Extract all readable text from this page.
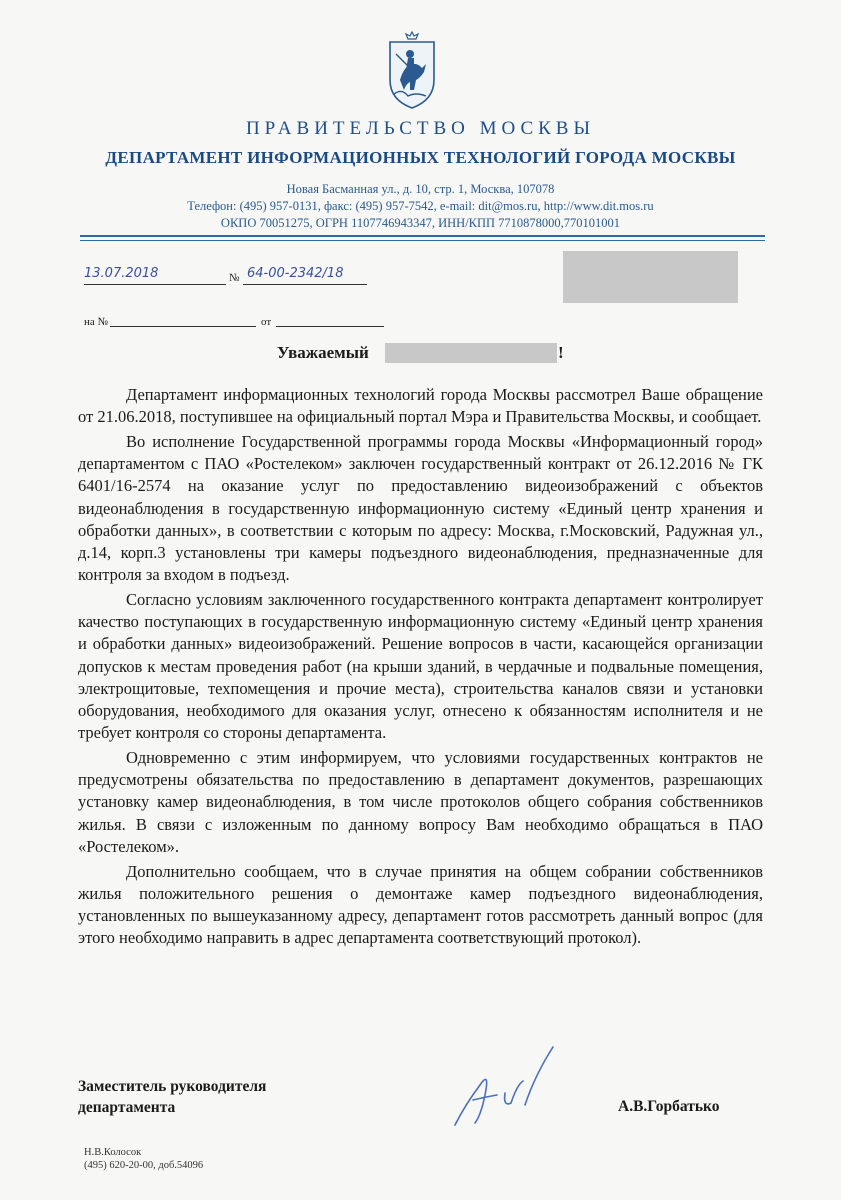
ПРАВИТЕЛЬСТВО МОСКВЫ
ДЕПАРТАМЕНТ ИНФОРМАЦИОННЫХ ТЕХНОЛОГИЙ ГОРОДА МОСКВЫ
Новая Басманная ул., д. 10, стр. 1, Москва, 107078
Телефон: (495) 957-0131, факс: (495) 957-7542, e-mail: dit@mos.ru, http://www.dit.mos.ru
ОКПО 70051275, ОГРН 1107746943347, ИНН/КПП 7710878000,770101001
13.07.2018	№ 64-00-2342/18
на №	от
Уважаемый	!

Департамент информационных технологий города Москвы рассмотрел Ваше обращение от 21.06.2018, поступившее на официальный портал Мэра и Правительства Москвы, и сообщает.

Во исполнение Государственной программы города Москвы «Информационный город» департаментом с ПАО «Ростелеком» заключен государственный контракт от 26.12.2016 № ГК 6401/16-2574 на оказание услуг по предоставлению видеоизображений с объектов видеонаблюдения в государственную информационную систему «Единый центр хранения и обработки данных», в соответствии с которым по адресу: Москва, г.Московский, Радужная ул., д.14, корп.3 установлены три камеры подъездного видеонаблюдения, предназначенные для контроля за входом в подъезд.

Согласно условиям заключенного государственного контракта департамент контролирует качество поступающих в государственную информационную систему «Единый центр хранения и обработки данных» видеоизображений. Решение вопросов в части, касающейся организации допусков к местам проведения работ (на крыши зданий, в чердачные и подвальные помещения, электрощитовые, техпомещения и прочие места), строительства каналов связи и установки оборудования, необходимого для оказания услуг, отнесено к обязанностям исполнителя и не требует контроля со стороны департамента.

Одновременно с этим информируем, что условиями государственных контрактов не предусмотрены обязательства по предоставлению в департамент документов, разрешающих установку камер видеонаблюдения, в том числе протоколов общего собрания собственников жилья. В связи с изложенным по данному вопросу Вам необходимо обращаться в ПАО «Ростелеком».

Дополнительно сообщаем, что в случае принятия на общем собрании собственников жилья положительного решения о демонтаже камер подъездного видеонаблюдения, установленных по вышеуказанному адресу, департамент готов рассмотреть данный вопрос (для этого необходимо направить в адрес департамента соответствующий протокол).

Заместитель руководителя
департамента	А.В.Горбатько
Н.В.Колосок
(495) 620-20-00, доб.54096
